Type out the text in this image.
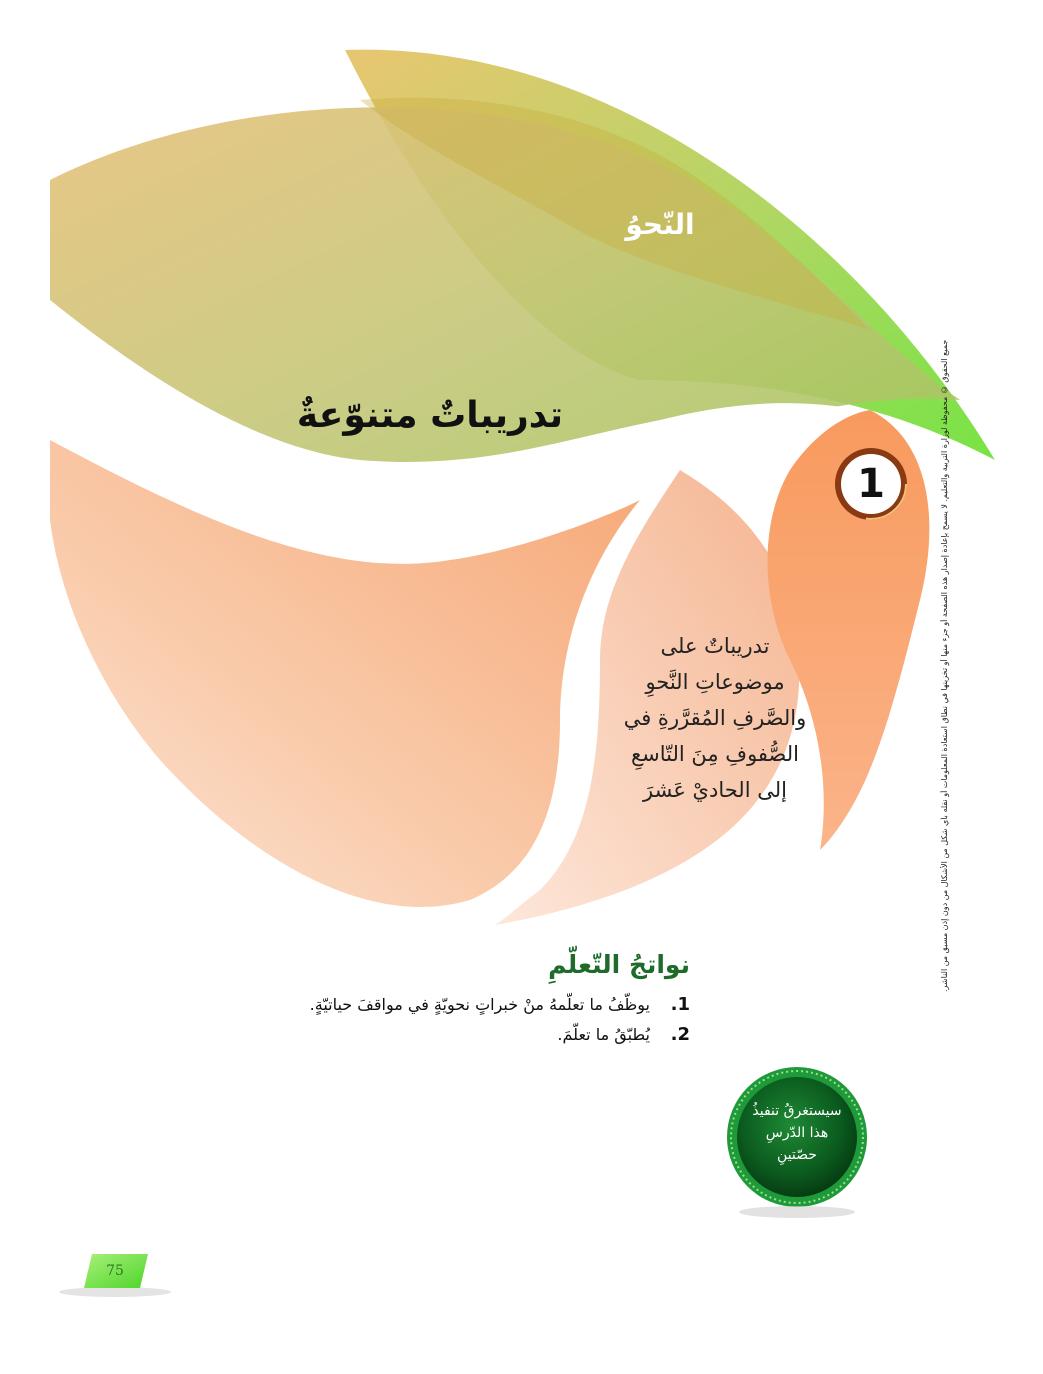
النّحوُ
تدريباتٌ متنوّعةٌ
1
تدريباتٌ على
موضوعاتِ النَّحوِ
والصَّرفِ المُقرَّرةِ في
الصُّفوفِ مِنَ التّاسعِ
إلى الحاديْ عَشرَ
نواتجُ التّعلّمِ
1.
يوظّفُ ما تعلّمهُ منْ خبراتٍ نحويّةٍ في مواقفَ حياتيّةٍ.
2.
يُطبّقُ ما تعلّمَ.
سيستغرقُ تنفيذُ
هذا الدّرسِ
حصّتينِ
جميع الحقوق © محفوظة لوزارة التربية والتعليم. لا يسمح بإعادة إصدار هذه الصفحة أو جزء منها أو تخزينها في نطاق استعادة المعلومات أو نقله بأي شكل من الأشكال من دون إذن مسبق من الناشر.
75
